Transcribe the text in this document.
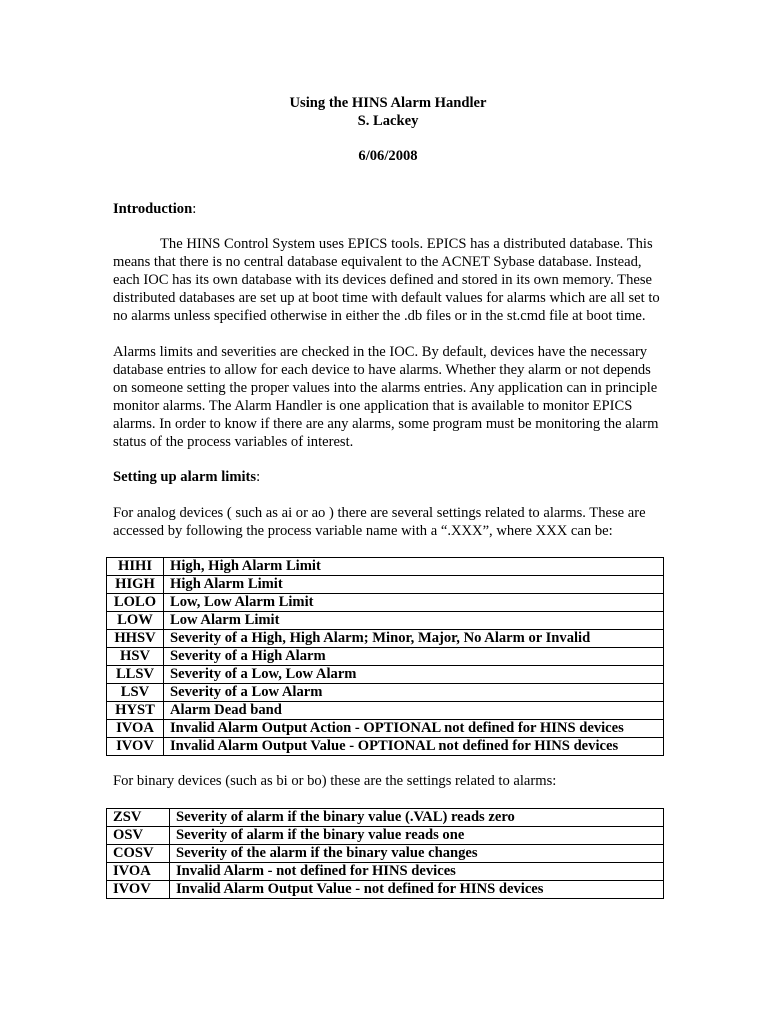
Using the HINS Alarm Handler
S. Lackey
6/06/2008
Introduction:

The HINS Control System uses EPICS tools. EPICS has a distributed database. This means that there is no central database equivalent to the ACNET Sybase database. Instead, each IOC has its own database with its devices defined and stored in its own memory. These distributed databases are set up at boot time with default values for alarms which are all set to no alarms unless specified otherwise in either the .db files or in the st.cmd file at boot time.

Alarms limits and severities are checked in the IOC. By default, devices have the necessary database entries to allow for each device to have alarms. Whether they alarm or not depends on someone setting the proper values into the alarms entries. Any application can in principle monitor alarms. The Alarm Handler is one application that is available to monitor EPICS alarms. In order to know if there are any alarms, some program must be monitoring the alarm status of the process variables of interest.

Setting up alarm limits:

For analog devices ( such as ai or ao ) there are several settings related to alarms. These are accessed by following the process variable name with a “.XXX”, where XXX can be:

HIHI	High, High Alarm Limit
HIGH	High Alarm Limit
LOLO	Low, Low Alarm Limit
LOW	Low Alarm Limit
HHSV	Severity of a High, High Alarm; Minor, Major, No Alarm or Invalid
HSV	Severity of a High Alarm
LLSV	Severity of a Low, Low Alarm
LSV	Severity of a Low Alarm
HYST	Alarm Dead band
IVOA	Invalid Alarm Output Action - OPTIONAL not defined for HINS devices
IVOV	Invalid Alarm Output Value - OPTIONAL not defined for HINS devices

For binary devices (such as bi or bo) these are the settings related to alarms:

ZSV	Severity of alarm if the binary value (.VAL) reads zero
OSV	Severity of alarm if the binary value reads one
COSV	Severity of the alarm if the binary value changes
IVOA	Invalid Alarm - not defined for HINS devices
IVOV	Invalid Alarm Output Value - not defined for HINS devices
